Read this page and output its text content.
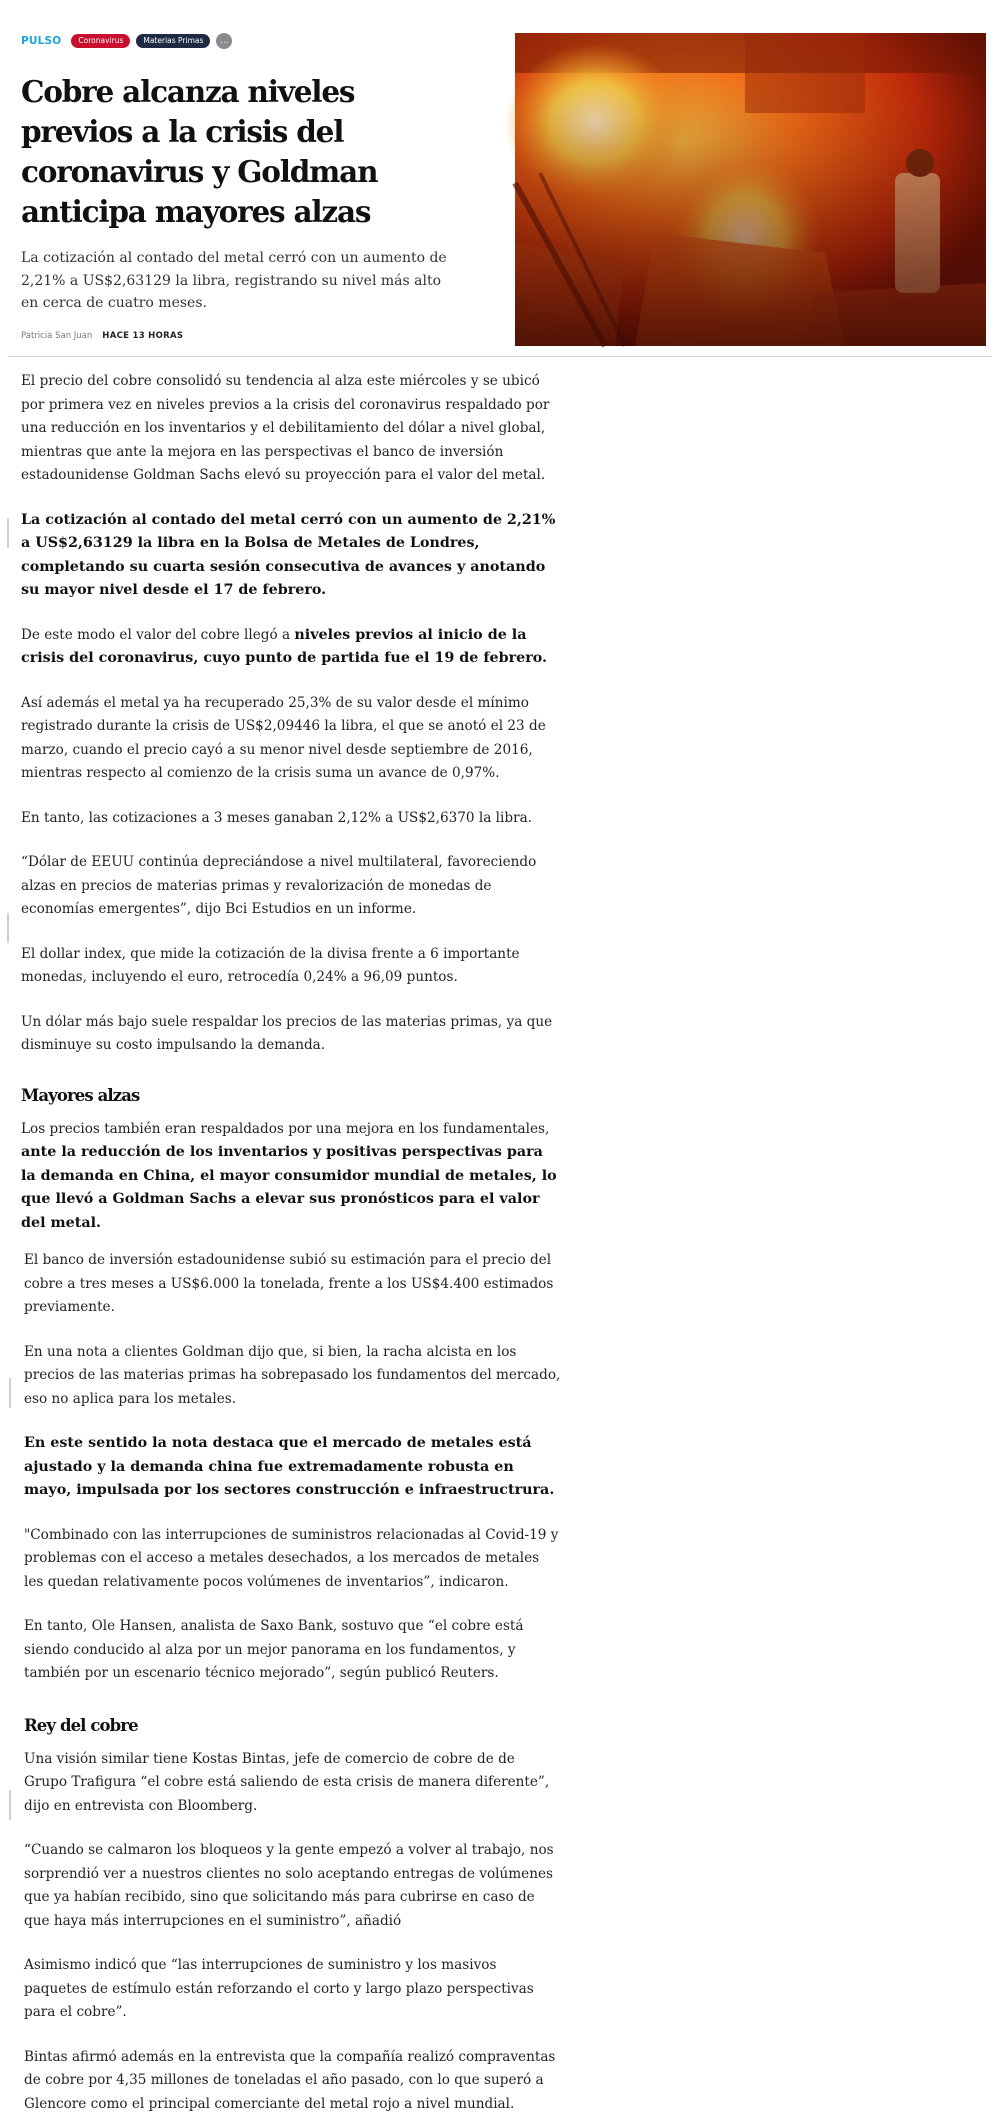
PULSO	Coronavirus	Materias Primas	...
Cobre alcanza niveles previos a la crisis del coronavirus y Goldman anticipa mayores alzas

La cotización al contado del metal cerró con un aumento de 2,21% a US$2,63129 la libra, registrando su nivel más alto en cerca de cuatro meses.

Patricia San Juan HACE 13 HORAS

El precio del cobre consolidó su tendencia al alza este miércoles y se ubicó por primera vez en niveles previos a la crisis del coronavirus respaldado por una reducción en los inventarios y el debilitamiento del dólar a nivel global, mientras que ante la mejora en las perspectivas el banco de inversión estadounidense Goldman Sachs elevó su proyección para el valor del metal.

La cotización al contado del metal cerró con un aumento de 2,21% a US$2,63129 la libra en la Bolsa de Metales de Londres, completando su cuarta sesión consecutiva de avances y anotando su mayor nivel desde el 17 de febrero.

De este modo el valor del cobre llegó a niveles previos al inicio de la crisis del coronavirus, cuyo punto de partida fue el 19 de febrero.

Así además el metal ya ha recuperado 25,3% de su valor desde el mínimo registrado durante la crisis de US$2,09446 la libra, el que se anotó el 23 de marzo, cuando el precio cayó a su menor nivel desde septiembre de 2016, mientras respecto al comienzo de la crisis suma un avance de 0,97%.

En tanto, las cotizaciones a 3 meses ganaban 2,12% a US$2,6370 la libra.

“Dólar de EEUU continúa depreciándose a nivel multilateral, favoreciendo alzas en precios de materias primas y revalorización de monedas de economías emergentes”, dijo Bci Estudios en un informe.

El dollar index, que mide la cotización de la divisa frente a 6 importante monedas, incluyendo el euro, retrocedía 0,24% a 96,09 puntos.

Un dólar más bajo suele respaldar los precios de las materias primas, ya que disminuye su costo impulsando la demanda.

Mayores alzas

Los precios también eran respaldados por una mejora en los fundamentales, ante la reducción de los inventarios y positivas perspectivas para la demanda en China, el mayor consumidor mundial de metales, lo que llevó a Goldman Sachs a elevar sus pronósticos para el valor del metal.

El banco de inversión estadounidense subió su estimación para el precio del cobre a tres meses a US$6.000 la tonelada, frente a los US$4.400 estimados previamente.

En una nota a clientes Goldman dijo que, si bien, la racha alcista en los precios de las materias primas ha sobrepasado los fundamentos del mercado, eso no aplica para los metales.

En este sentido la nota destaca que el mercado de metales está ajustado y la demanda china fue extremadamente robusta en mayo, impulsada por los sectores construcción e infraestructrura.

"Combinado con las interrupciones de suministros relacionadas al Covid-19 y problemas con el acceso a metales desechados, a los mercados de metales les quedan relativamente pocos volúmenes de inventarios”, indicaron.

En tanto, Ole Hansen, analista de Saxo Bank, sostuvo que “el cobre está siendo conducido al alza por un mejor panorama en los fundamentos, y también por un escenario técnico mejorado”, según publicó Reuters.

Rey del cobre

Una visión similar tiene Kostas Bintas, jefe de comercio de cobre de de Grupo Trafigura “el cobre está saliendo de esta crisis de manera diferente”, dijo en entrevista con Bloomberg.

“Cuando se calmaron los bloqueos y la gente empezó a volver al trabajo, nos sorprendió ver a nuestros clientes no solo aceptando entregas de volúmenes que ya habían recibido, sino que solicitando más para cubrirse en caso de que haya más interrupciones en el suministro”, añadió

Asimismo indicó que “las interrupciones de suministro y los masivos paquetes de estímulo están reforzando el corto y largo plazo perspectivas para el cobre”.

Bintas afirmó además en la entrevista que la compañía realizó compraventas de cobre por 4,35 millones de toneladas el año pasado, con lo que superó a Glencore como el principal comerciante del metal rojo a nivel mundial.
